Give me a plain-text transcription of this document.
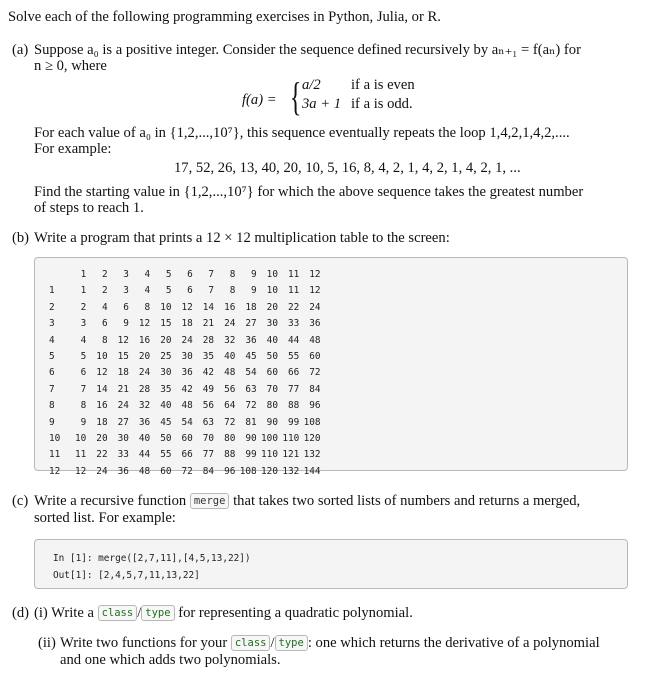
Solve each of the following programming exercises in Python, Julia, or R.
(a) Suppose a₀ is a positive integer. Consider the sequence defined recursively by aₙ₊₁ = f(aₙ) for
n ≥ 0, where
f(a) = { a/2 if a is even
3a + 1 if a is odd.
For each value of a₀ in {1,2,...,10⁷}, this sequence eventually repeats the loop 1,4,2,1,4,2,....
For example:
17, 52, 26, 13, 40, 20, 10, 5, 16, 8, 4, 2, 1, 4, 2, 1, 4, 2, 1, ...
Find the starting value in {1,2,...,10⁷} for which the above sequence takes the greatest number
of steps to reach 1.
(b) Write a program that prints a 12 × 12 multiplication table to the screen:
	1	2	3	4	5	6	7	8	9	10	11	12
1	1	2	3	4	5	6	7	8	9	10	11	12
2	2	4	6	8	10	12	14	16	18	20	22	24
3	3	6	9	12	15	18	21	24	27	30	33	36
4	4	8	12	16	20	24	28	32	36	40	44	48
5	5	10	15	20	25	30	35	40	45	50	55	60
6	6	12	18	24	30	36	42	48	54	60	66	72
7	7	14	21	28	35	42	49	56	63	70	77	84
8	8	16	24	32	40	48	56	64	72	80	88	96
9	9	18	27	36	45	54	63	72	81	90	99	108
10	10	20	30	40	50	60	70	80	90	100	110	120
11	11	22	33	44	55	66	77	88	99	110	121	132
12	12	24	36	48	60	72	84	96	108	120	132	144
(c) Write a recursive function merge that takes two sorted lists of numbers and returns a merged,
sorted list. For example:
In [1]: merge([2,7,11],[4,5,13,22])
Out[1]: [2,4,5,7,11,13,22]
(d) (i) Write a class / type for representing a quadratic polynomial.
(ii) Write two functions for your class / type : one which returns the derivative of a polynomial
and one which adds two polynomials.
